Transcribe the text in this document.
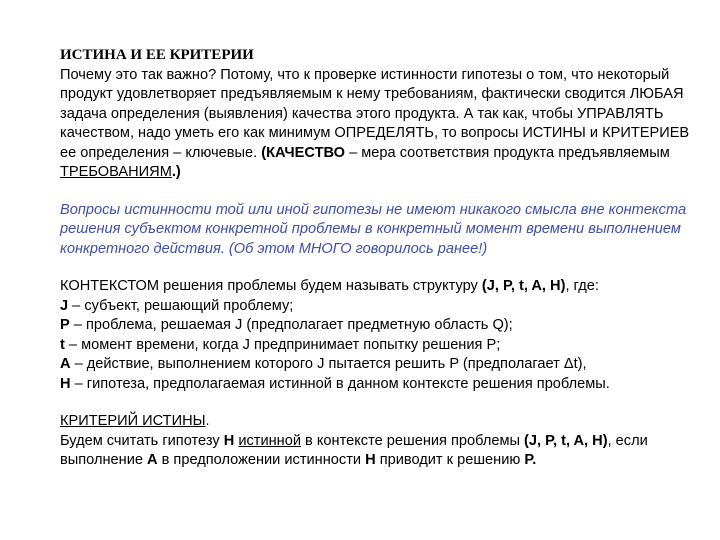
ИСТИНА И ЕЕ КРИТЕРИИ

Почему это так важно? Потому, что к проверке истинности гипотезы о том, что некоторый продукт удовлетворяет предъявляемым к нему требованиям, фактически сводится ЛЮБАЯ задача определения (выявления) качества этого продукта. А так как, чтобы УПРАВЛЯТЬ качеством, надо уметь его как минимум ОПРЕДЕЛЯТЬ, то вопросы ИСТИНЫ и КРИТЕРИЕВ ее определения – ключевые. (КАЧЕСТВО – мера соответствия продукта предъявляемым ТРЕБОВАНИЯМ.)

Вопросы истинности той или иной гипотезы не имеют никакого смысла вне контекста решения субъектом конкретной проблемы в конкретный момент времени выполнением конкретного действия. (Об этом МНОГО говорилось ранее!)

КОНТЕКСТОМ решения проблемы будем называть структуру (J, P, t, A, H), где:

J – субъект, решающий проблему;

P – проблема, решаемая J (предполагает предметную область Q);

t – момент времени, когда J предпринимает попытку решения P;

A – действие, выполнением которого J пытается решить P (предполагает Δt),

H – гипотеза, предполагаемая истинной в данном контексте решения проблемы.

КРИТЕРИЙ ИСТИНЫ.

Будем считать гипотезу H истинной в контексте решения проблемы (J, P, t, A, H), если выполнение A в предположении истинности H приводит к решению P.
